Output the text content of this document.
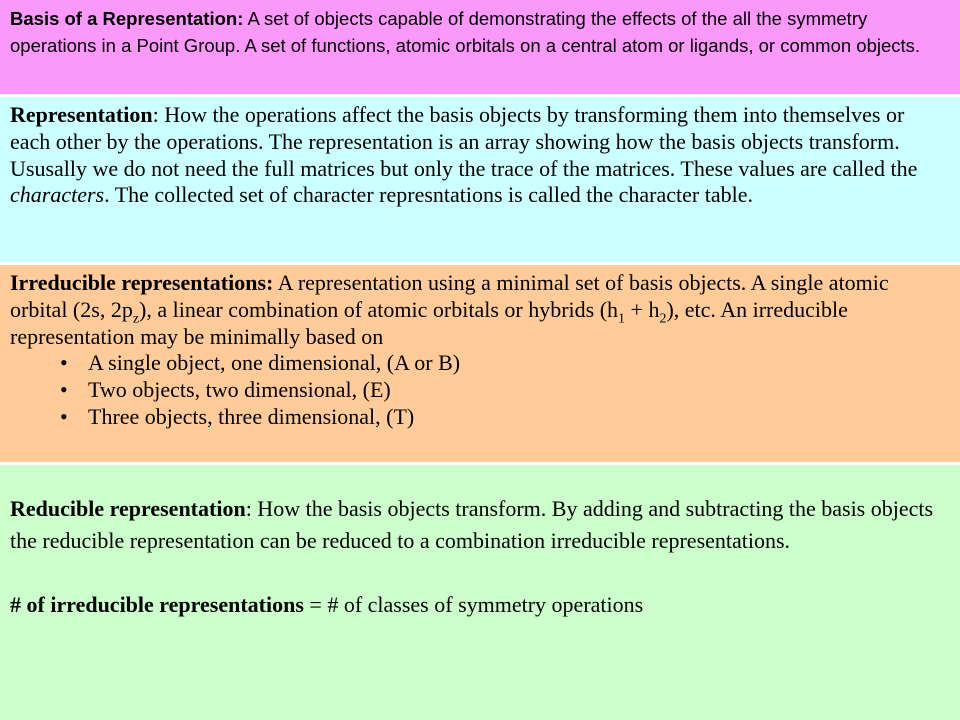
Basis of a Representation: A set of objects capable of demonstrating the effects of the all the symmetry operations in a Point Group. A set of functions, atomic orbitals on a central atom or ligands, or common objects.
Representation: How the operations affect the basis objects by transforming them into themselves or each other by the operations. The representation is an array showing how the basis objects transform. Ususally we do not need the full matrices but only the trace of the matrices. These values are called the characters. The collected set of character represntations is called the character table.
Irreducible representations: A representation using a minimal set of basis objects. A single atomic orbital (2s, $2p_z$), a linear combination of atomic orbitals or hybrids $(h_1 + h_2)$, etc. An irreducible representation may be minimally based on
• A single object, one dimensional, (A or B)
• Two objects, two dimensional, (E)
• Three objects, three dimensional, (T)
Reducible representation: How the basis objects transform. By adding and subtracting the basis objects the reducible representation can be reduced to a combination irreducible representations.
# of irreducible representations = # of classes of symmetry operations
